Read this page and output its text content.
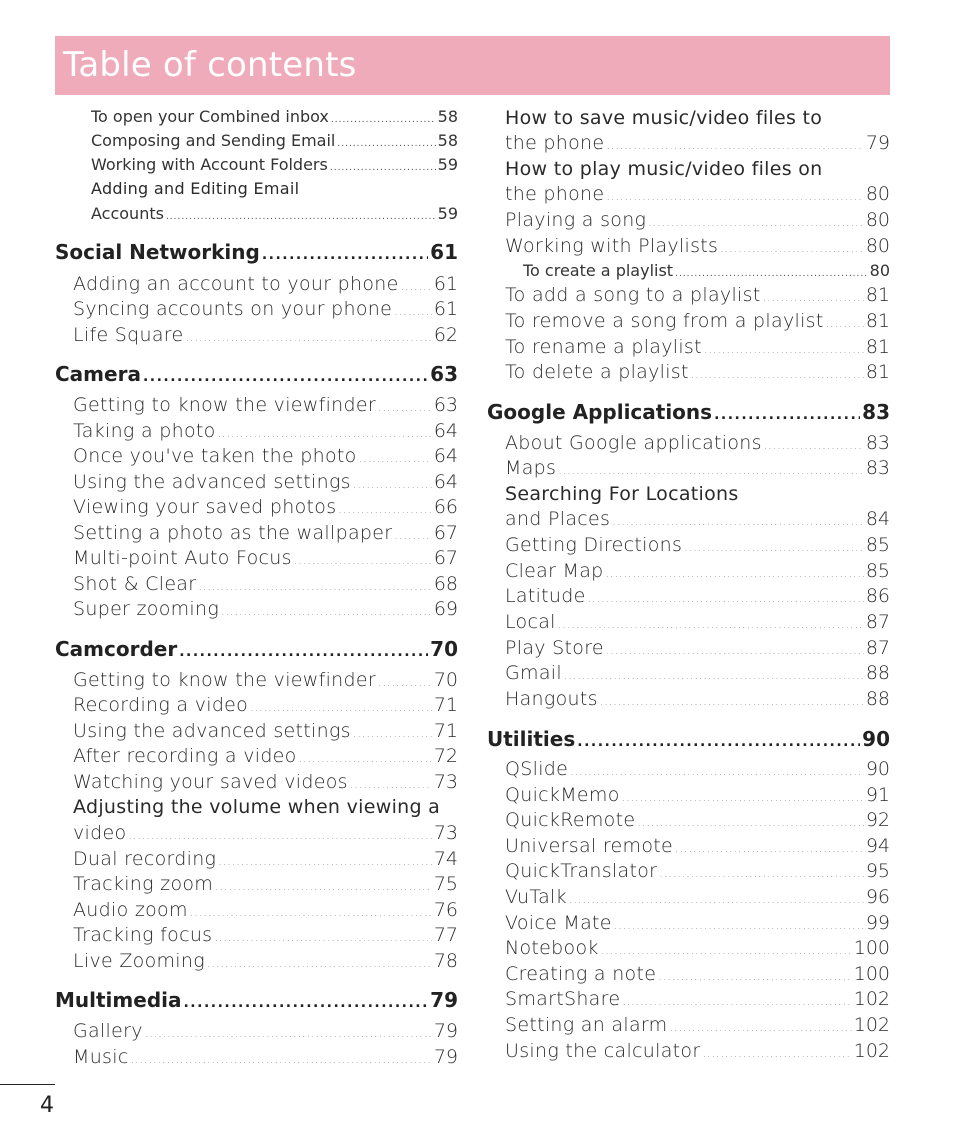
Table of contents
To open your Combined inbox .....	58
Composing and Sending Email .....	58
Working with Account Folders .....	59
Adding and Editing Email
Accounts .....	59
Social Networking .....	61
Adding an account to your phone ..... 61
Syncing accounts on your phone ..... 61
Life Square .....	62
Camera .....	63
Getting to know the viewfinder .....	63
Taking a photo .....	64
Once you've taken the photo .....	64
Using the advanced settings .....	64
Viewing your saved photos .....	66
Setting a photo as the wallpaper ..... 67
Multi-point Auto Focus .....	67
Shot & Clear .....	68
Super zooming .....	69
Camcorder .....	70
Getting to know the viewfinder .....	70
Recording a video .....	71
Using the advanced settings .....	71
After recording a video .....	72
Watching your saved videos .....	73
Adjusting the volume when viewing a
video .....	73
Dual recording .....	74
Tracking zoom .....	75
Audio zoom .....	76
Tracking focus .....	77
Live Zooming .....	78
Multimedia .....	79
Gallery .....	79
Music .....	79
How to save music/video files to
the phone .....	79
How to play music/video files on
the phone .....	80
Playing a song .....	80
Working with Playlists .....	80
To create a playlist .....	80
To add a song to a playlist .....	81
To remove a song from a playlist ..... 81
To rename a playlist .....	81
To delete a playlist .....	81
Google Applications .....	83
About Google applications .....	83
Maps .....	83
Searching For Locations
and Places .....	84
Getting Directions .....	85
Clear Map .....	85
Latitude .....	86
Local .....	87
Play Store .....	87
Gmail .....	88
Hangouts .....	88
Utilities .....	90
QSlide .....	90
QuickMemo .....	91
QuickRemote .....	92
Universal remote .....	94
QuickTranslator .....	95
VuTalk .....	96
Voice Mate .....	99
Notebook .....	100
Creating a note .....	100
SmartShare .....	102
Setting an alarm .....	102
Using the calculator .....	102
4
